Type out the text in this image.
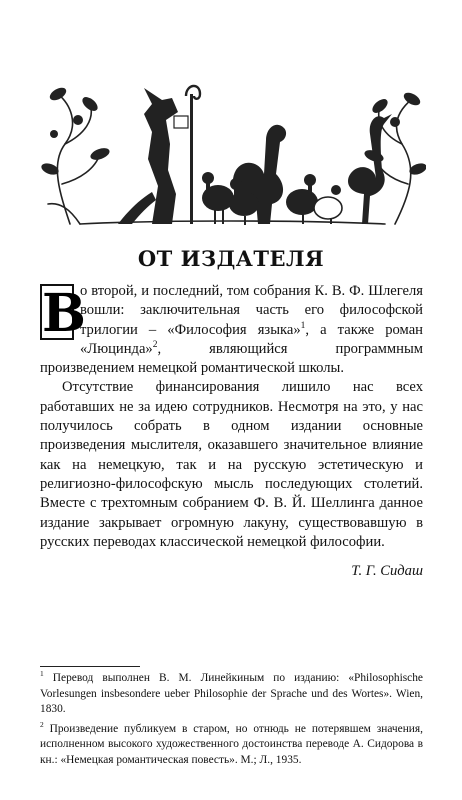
ОТ ИЗДАТЕЛЯ

В
о второй, и последний, том собрания К. В. Ф. Шлегеля вошли: заключительная часть его философской трилогии – «Философия языка»$^1$, а также роман «Люцинда»$^2$, являющийся программным произведением немецкой романтической школы.

Отсутствие финансирования лишило нас всех работавших не за идею сотрудников. Несмотря на это, у нас получилось собрать в одном издании основные произведения мыслителя, оказавшего значительное влияние как на немецкую, так и на русскую эстетическую и религиозно-философскую мысль последующих столетий. Вместе с трехтомным собранием Ф. В. Й. Шеллинга данное издание закрывает огромную лакуну, существовавшую в русских переводах классической немецкой философии.

Т. Г. Сидаш

$^1$ Перевод выполнен В. М. Линейкиным по изданию: «Philosophische Vorlesungen insbesondere ueber Philosophie der Sprache und des Wortes». Wien, 1830.

$^2$ Произведение публикуем в старом, но отнюдь не потерявшем значения, исполненном высокого художественного достоинства переводе А. Сидорова в кн.: «Немецкая романтическая повесть». М.; Л., 1935.
